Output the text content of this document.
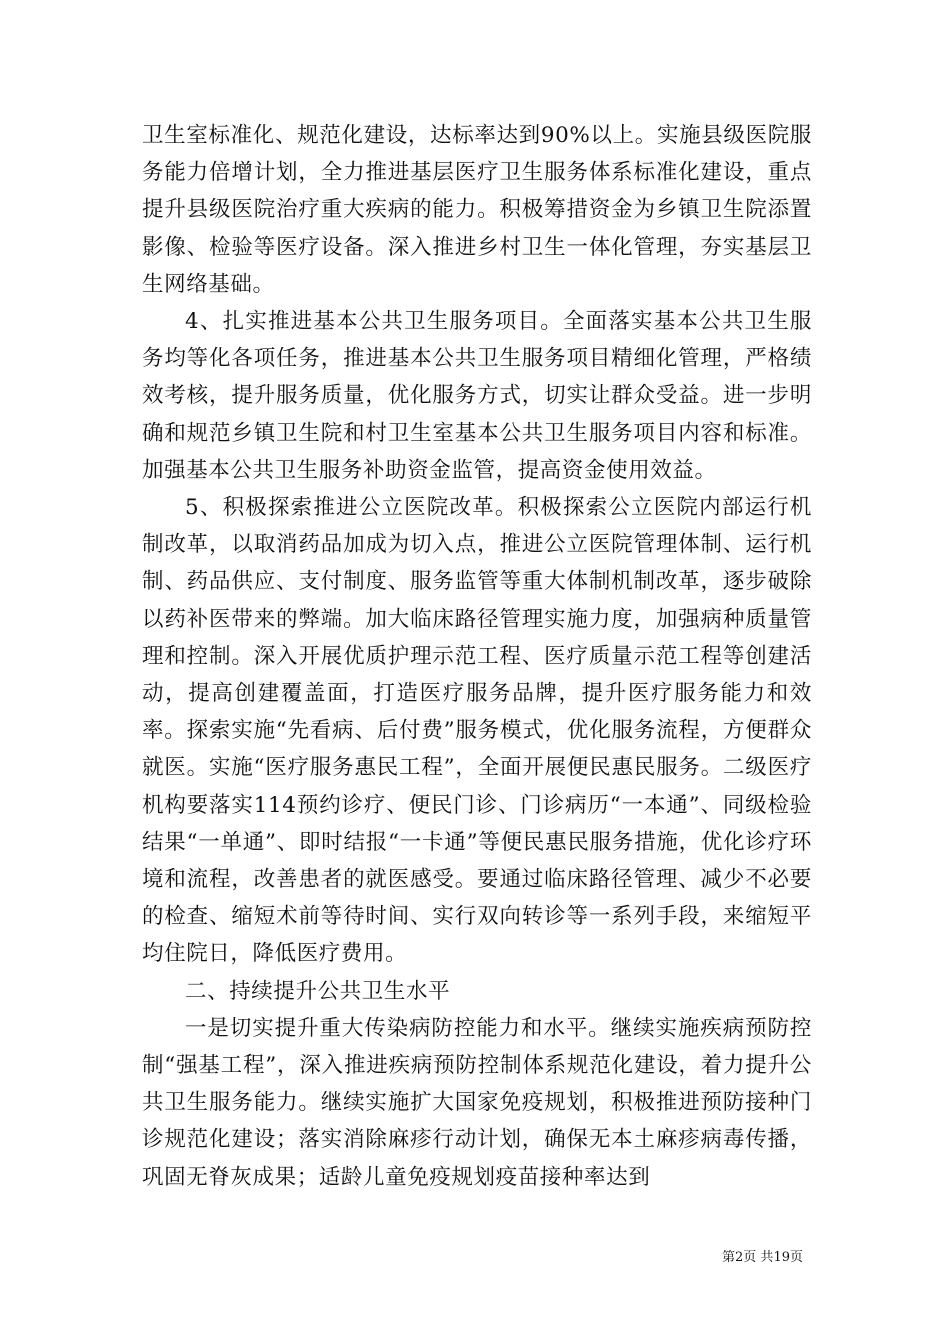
卫生室标准化、规范化建设，达标率达到90%以上。实施县级医院服务能力倍增计划，全力推进基层医疗卫生服务体系标准化建设，重点提升县级医院治疗重大疾病的能力。积极筹措资金为乡镇卫生院添置影像、检验等医疗设备。深入推进乡村卫生一体化管理，夯实基层卫生网络基础。

4、扎实推进基本公共卫生服务项目。全面落实基本公共卫生服务均等化各项任务，推进基本公共卫生服务项目精细化管理，严格绩效考核，提升服务质量，优化服务方式，切实让群众受益。进一步明确和规范乡镇卫生院和村卫生室基本公共卫生服务项目内容和标准。加强基本公共卫生服务补助资金监管，提高资金使用效益。

5、积极探索推进公立医院改革。积极探索公立医院内部运行机制改革，以取消药品加成为切入点，推进公立医院管理体制、运行机制、药品供应、支付制度、服务监管等重大体制机制改革，逐步破除以药补医带来的弊端。加大临床路径管理实施力度，加强病种质量管理和控制。深入开展优质护理示范工程、医疗质量示范工程等创建活动，提高创建覆盖面，打造医疗服务品牌，提升医疗服务能力和效率。探索实施“先看病、后付费”服务模式，优化服务流程，方便群众就医。实施“医疗服务惠民工程”，全面开展便民惠民服务。二级医疗机构要落实114预约诊疗、便民门诊、门诊病历“一本通”、同级检验结果“一单通”、即时结报“一卡通”等便民惠民服务措施，优化诊疗环境和流程，改善患者的就医感受。要通过临床路径管理、减少不必要的检查、缩短术前等待时间、实行双向转诊等一系列手段，来缩短平均住院日，降低医疗费用。

二、持续提升公共卫生水平

一是切实提升重大传染病防控能力和水平。继续实施疾病预防控制“强基工程”，深入推进疾病预防控制体系规范化建设，着力提升公共卫生服务能力。继续实施扩大国家免疫规划，积极推进预防接种门诊规范化建设；落实消除麻疹行动计划，确保无本土麻疹病毒传播，巩固无脊灰成果；适龄儿童免疫规划疫苗接种率达到

第2页 共19页
